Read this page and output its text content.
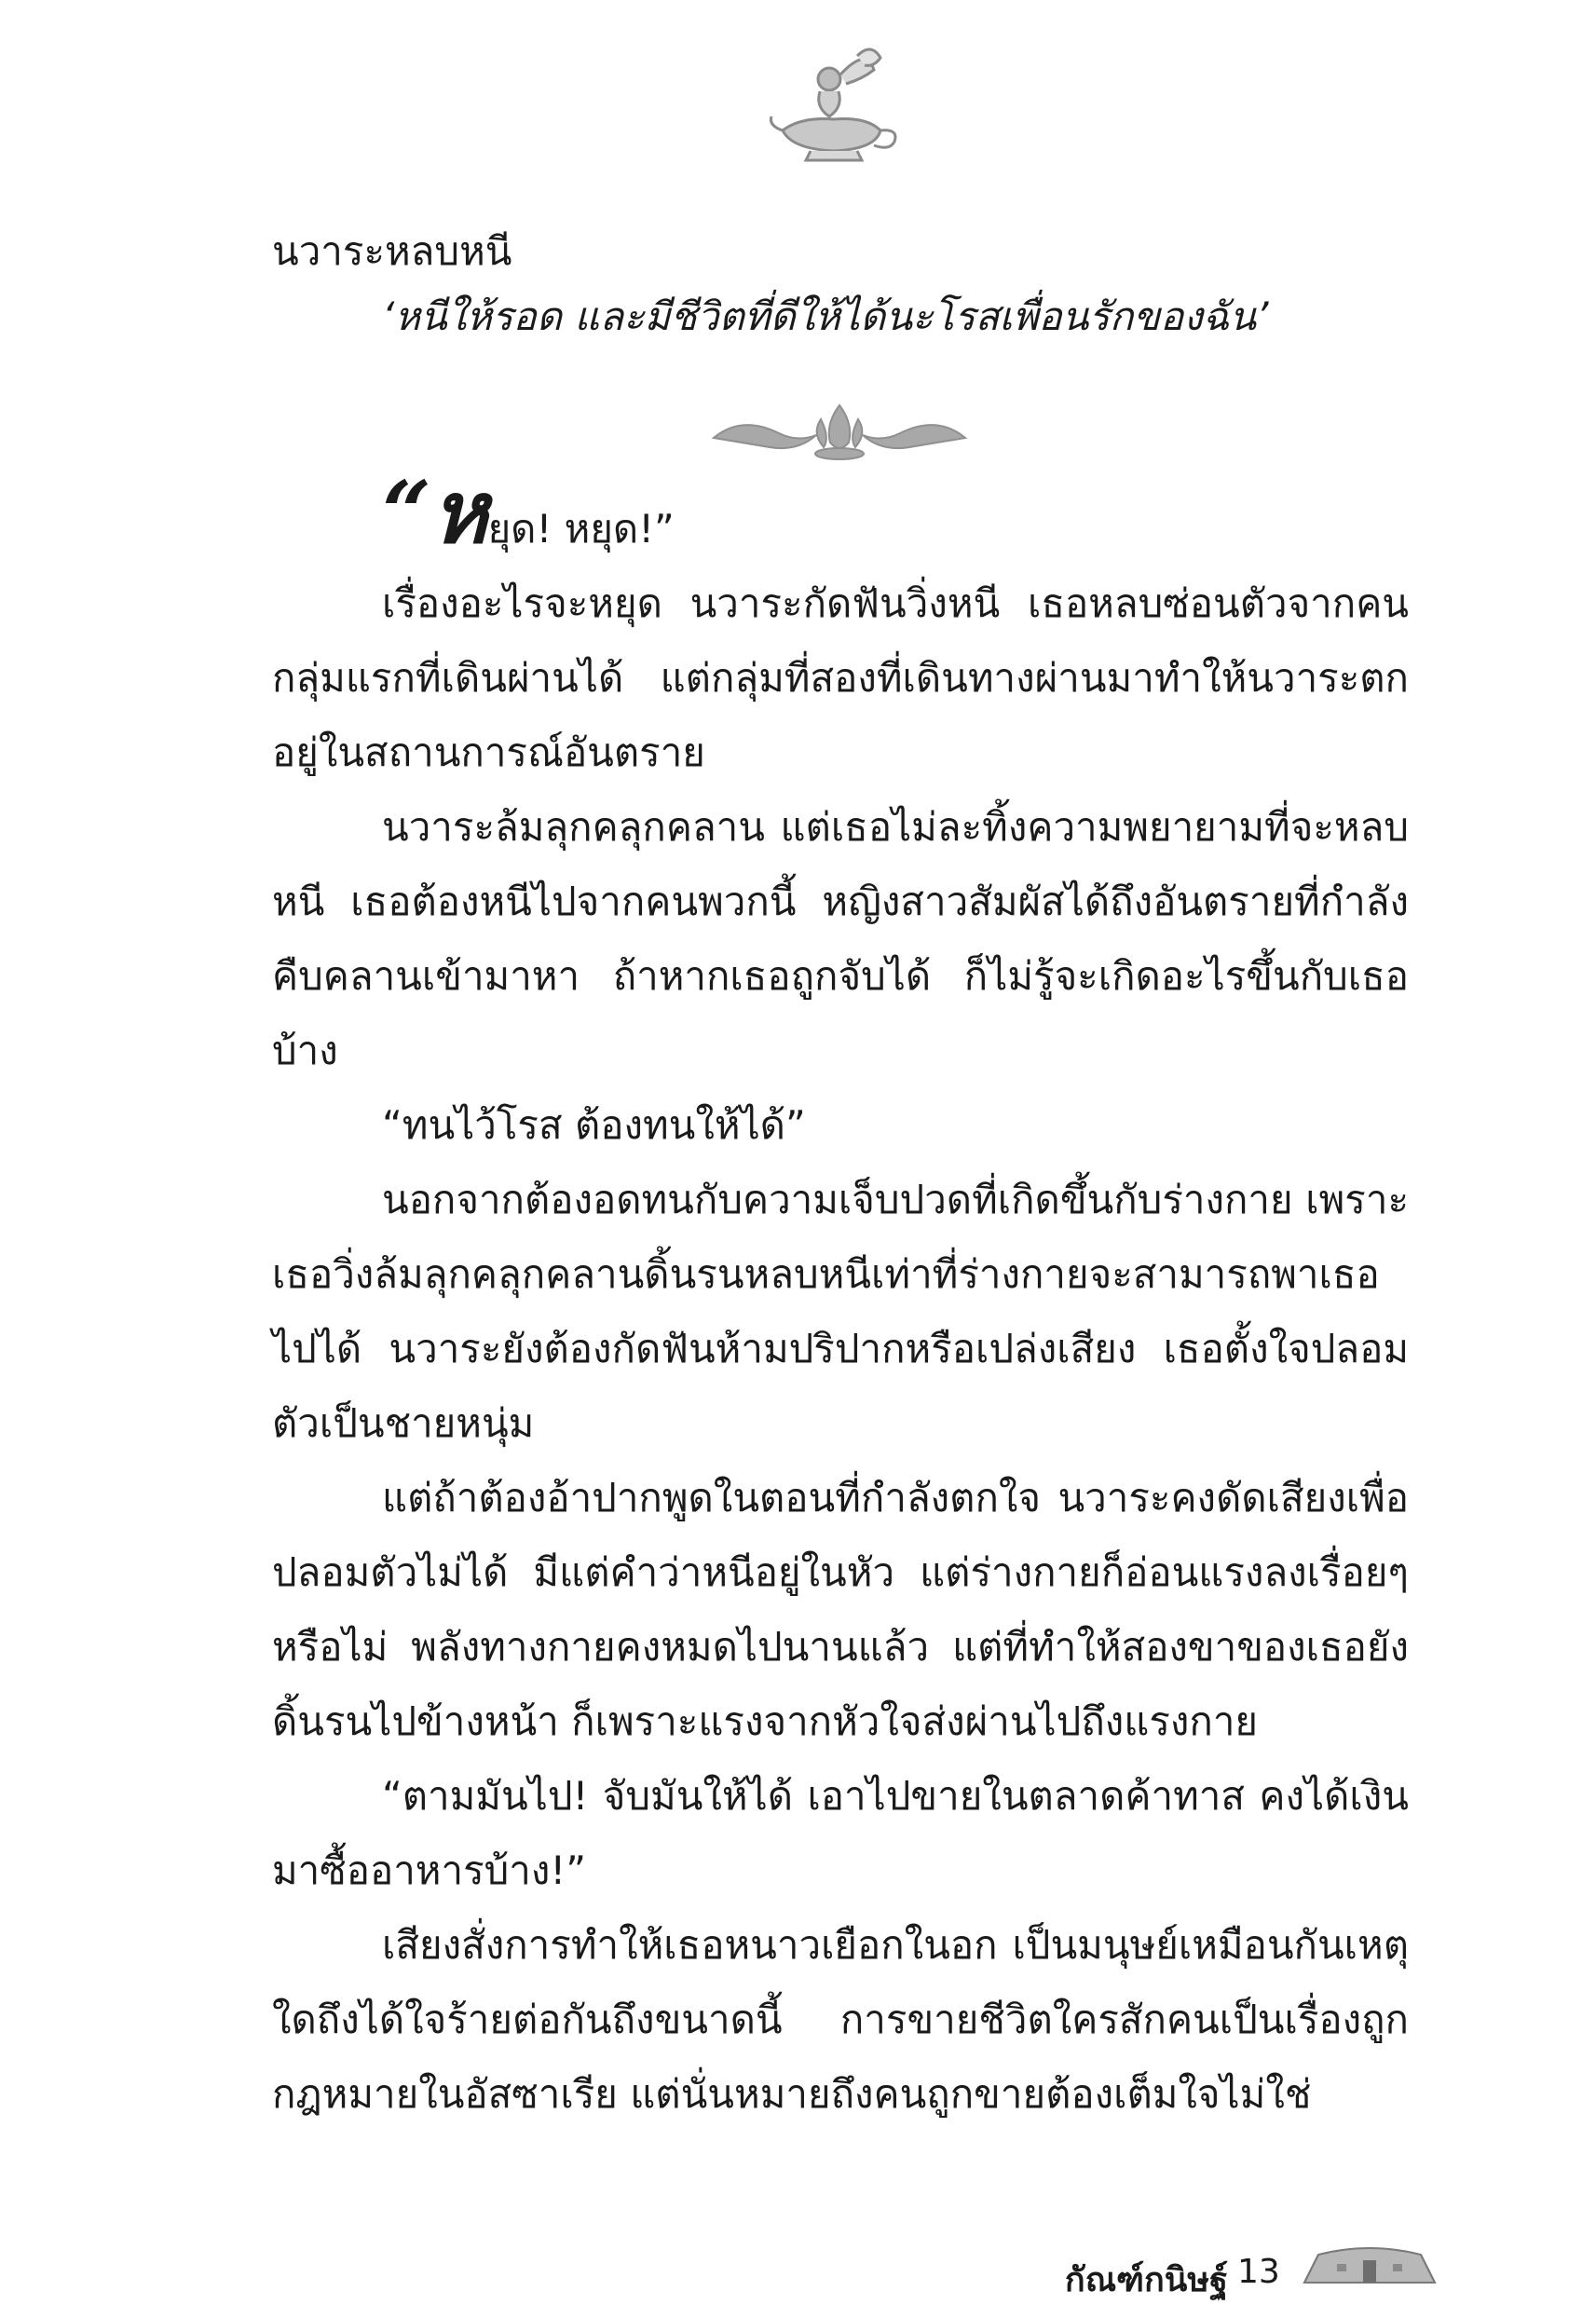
นวาระหลบหนี
‘หนีให้รอด และมีชีวิตที่ดีให้ได้นะโรสเพื่อนรักของฉัน’

“หยุด! หยุด!”

เรื่องอะไรจะหยุด นวาระกัดฟันวิ่งหนี เธอหลบซ่อนตัวจากคนกลุ่มแรกที่เดินผ่านได้ แต่กลุ่มที่สองที่เดินทางผ่านมาทำให้นวาระตกอยู่ในสถานการณ์อันตราย

นวาระล้มลุกคลุกคลาน แต่เธอไม่ละทิ้งความพยายามที่จะหลบหนี เธอต้องหนีไปจากคนพวกนี้ หญิงสาวสัมผัสได้ถึงอันตรายที่กำลังคืบคลานเข้ามาหา ถ้าหากเธอถูกจับได้ ก็ไม่รู้จะเกิดอะไรขึ้นกับเธอบ้าง

“ทนไว้โรส ต้องทนให้ได้”

นอกจากต้องอดทนกับความเจ็บปวดที่เกิดขึ้นกับร่างกาย เพราะเธอวิ่งล้มลุกคลุกคลานดิ้นรนหลบหนีเท่าที่ร่างกายจะสามารถพาเธอไปได้ นวาระยังต้องกัดฟันห้ามปริปากหรือเปล่งเสียง เธอตั้งใจปลอมตัวเป็นชายหนุ่ม

แต่ถ้าต้องอ้าปากพูดในตอนที่กำลังตกใจ นวาระคงดัดเสียงเพื่อปลอมตัวไม่ได้ มีแต่คำว่าหนีอยู่ในหัว แต่ร่างกายก็อ่อนแรงลงเรื่อยๆ หรือไม่ พลังทางกายคงหมดไปนานแล้ว แต่ที่ทำให้สองขาของเธอยังดิ้นรนไปข้างหน้า ก็เพราะแรงจากหัวใจส่งผ่านไปถึงแรงกาย

“ตามมันไป! จับมันให้ได้ เอาไปขายในตลาดค้าทาส คงได้เงินมาซื้ออาหารบ้าง!”

เสียงสั่งการทำให้เธอหนาวเยือกในอก เป็นมนุษย์เหมือนกันเหตุใดถึงได้ใจร้ายต่อกันถึงขนาดนี้ การขายชีวิตใครสักคนเป็นเรื่องถูกกฎหมายในอัสซาเรีย แต่นั่นหมายถึงคนถูกขายต้องเต็มใจไม่ใช่

กัณฑ์กนิษฐ์ 13
